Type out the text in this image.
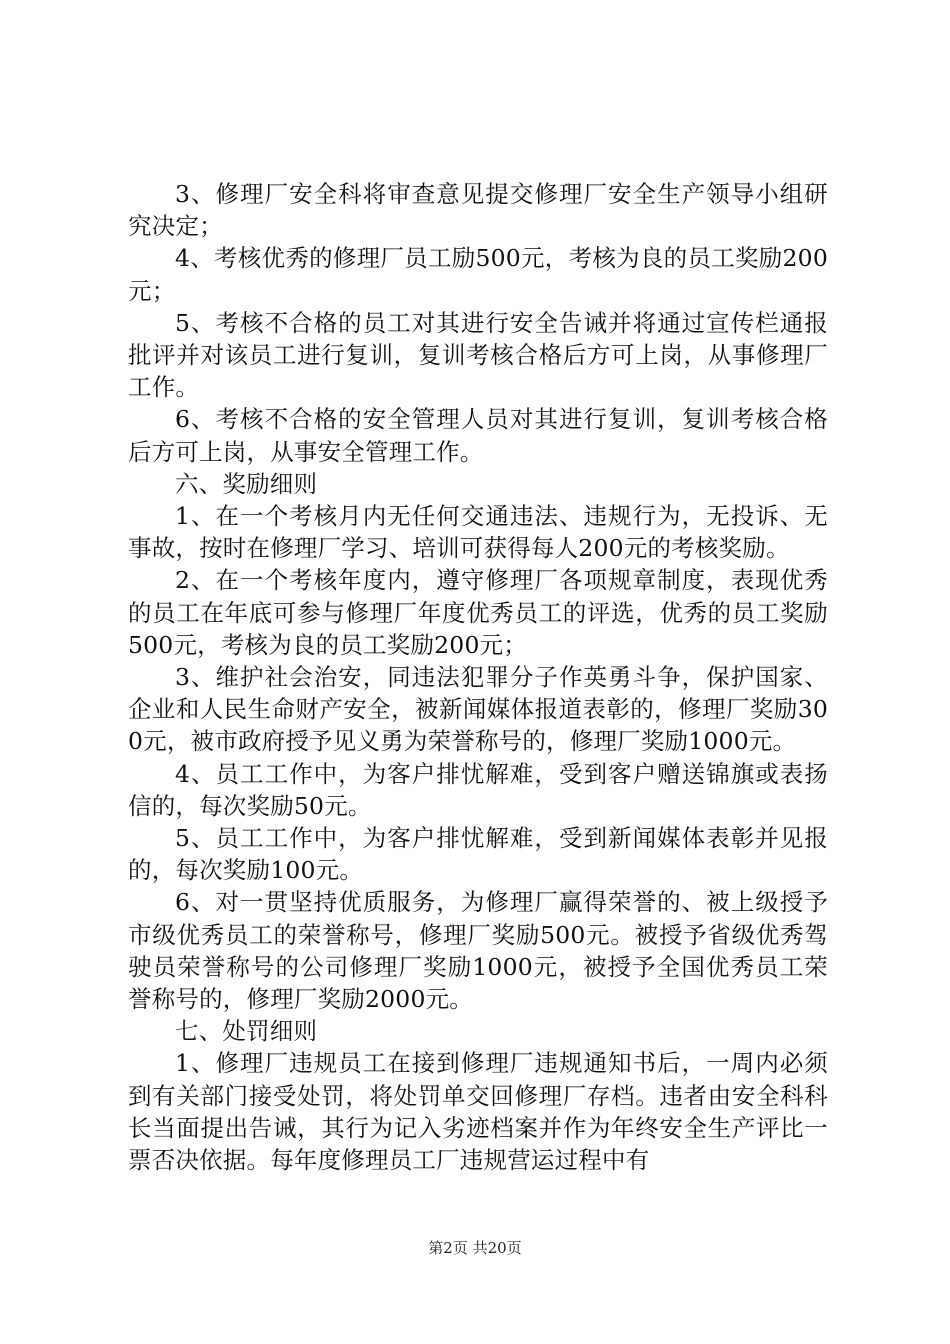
3、修理厂安全科将审查意见提交修理厂安全生产领导小组研究决定；

4、考核优秀的修理厂员工励500元，考核为良的员工奖励200元；

5、考核不合格的员工对其进行安全告诫并将通过宣传栏通报批评并对该员工进行复训，复训考核合格后方可上岗，从事修理厂工作。

6、考核不合格的安全管理人员对其进行复训，复训考核合格后方可上岗，从事安全管理工作。

六、奖励细则

1、在一个考核月内无任何交通违法、违规行为，无投诉、无事故，按时在修理厂学习、培训可获得每人200元的考核奖励。

2、在一个考核年度内，遵守修理厂各项规章制度，表现优秀的员工在年底可参与修理厂年度优秀员工的评选，优秀的员工奖励500元，考核为良的员工奖励200元；

3、维护社会治安，同违法犯罪分子作英勇斗争，保护国家、企业和人民生命财产安全，被新闻媒体报道表彰的，修理厂奖励300元，被市政府授予见义勇为荣誉称号的，修理厂奖励1000元。

4、员工工作中，为客户排忧解难，受到客户赠送锦旗或表扬信的，每次奖励50元。

5、员工工作中，为客户排忧解难，受到新闻媒体表彰并见报的，每次奖励100元。

6、对一贯坚持优质服务，为修理厂赢得荣誉的、被上级授予市级优秀员工的荣誉称号，修理厂奖励500元。被授予省级优秀驾驶员荣誉称号的公司修理厂奖励1000元，被授予全国优秀员工荣誉称号的，修理厂奖励2000元。

七、处罚细则

1、修理厂违规员工在接到修理厂违规通知书后，一周内必须到有关部门接受处罚，将处罚单交回修理厂存档。违者由安全科科长当面提出告诫，其行为记入劣迹档案并作为年终安全生产评比一票否决依据。每年度修理员工厂违规营运过程中有

第2页 共20页
